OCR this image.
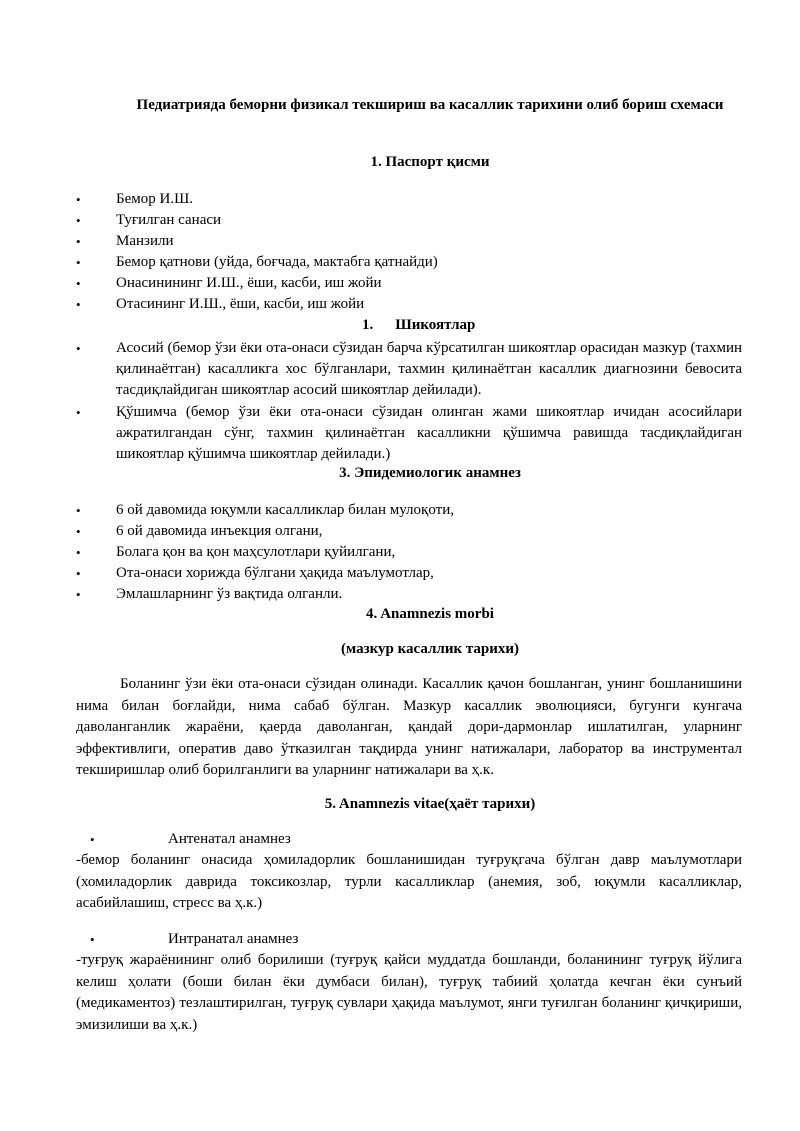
Педиатрияда беморни физикал текшириш ва касаллик тарихини олиб бориш схемаси
1. Паспорт қисми
•	Бемор И.Ш.
•	Туғилган санаси
•	Манзили
•	Бемор қатнови (уйда, боғчада, мактабга қатнайди)
•	Онасинининг И.Ш., ёши, касби, иш жойи
•	Отасининг И.Ш., ёши, касби, иш жойи
1. Шикоятлар
•	Асосий (бемор ўзи ёки ота-онаси сўзидан барча кўрсатилган шикоятлар орасидан мазкур (тахмин қилинаётган) касалликга хос бўлганлари, тахмин қилинаётган касаллик диагнозини бевосита тасдиқлайдиган шикоятлар асосий шикоятлар дейилади).
•	Қўшимча (бемор ўзи ёки ота-онаси сўзидан олинган жами шикоятлар ичидан асосийлари ажратилгандан сўнг, тахмин қилинаётган касалликни қўшимча равишда тасдиқлайдиган шикоятлар қўшимча шикоятлар дейилади.)
3. Эпидемиологик анамнез
•	6 ой давомида юқумли касалликлар билан мулоқоти,
•	6 ой давомида инъекция олгани,
•	Болага қон ва қон маҳсулотлари қуйилгани,
•	Ота-онаси хорижда бўлгани ҳақида маълумотлар,
•	Эмлашларнинг ўз вақтида олганли.
4. Anamnezis morbi
(мазкур касаллик тарихи)
Боланинг ўзи ёки ота-онаси сўзидан олинади. Касаллик қачон бошланган, унинг бошланишини нима билан боғлайди, нима сабаб бўлган. Мазкур касаллик эволюцияси, бугунги кунгача даволанганлик жараёни, қаерда даволанган, қандай дори-дармонлар ишлатилган, уларнинг эффективлиги, оператив даво ўтказилган тақдирда унинг натижалари, лаборатор ва инструментал текширишлар олиб борилганлиги ва уларнинг натижалари ва ҳ.к.
5. Anamnezis vitae(ҳаёт тарихи)
•	Антенатал анамнез
-бемор боланинг онасида ҳомиладорлик бошланишидан туғруқгача бўлган давр маълумотлари (хомиладорлик даврида токсикозлар, турли касалликлар (анемия, зоб, юқумли касалликлар, асабийлашиш, стресс ва ҳ.к.)
•	Интранатал анамнез
-туғруқ жараёнининг олиб борилиши (туғруқ қайси муддатда бошланди, боланининг туғруқ йўлига келиш ҳолати (боши билан ёки думбаси билан), туғруқ табиий ҳолатда кечган ёки сунъий (медикаментоз) тезлаштирилган, туғруқ сувлари ҳақида маълумот, янги туғилган боланинг қичқириши, эмизилиши ва ҳ.к.)
